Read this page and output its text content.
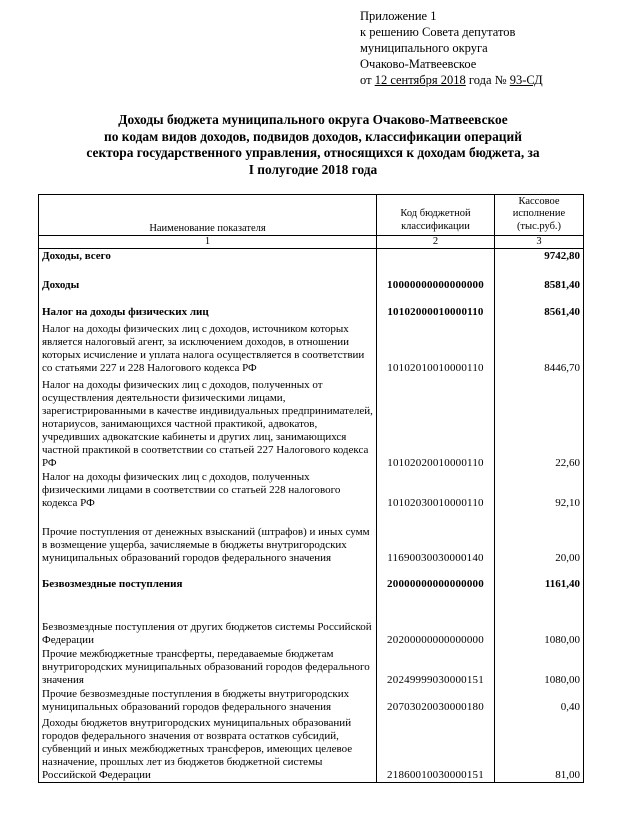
Приложение 1
к решению Совета депутатов
муниципального округа
Очаково-Матвеевское
от 12 сентября 2018 года № 93-СД
Доходы бюджета муниципального округа Очаково-Матвеевское
по кодам видов доходов, подвидов доходов, классификации операций
сектора государственного управления, относящихся к доходам бюджета, за
I полугодие 2018 года
Наименование показателя	Код бюджетной классификации	Кассовое исполнение (тыс.руб.)
1	2	3
Доходы, всего		9742,80
Доходы	10000000000000000	8581,40
Налог на доходы физических лиц	10102000010000110	8561,40
Налог на доходы физических лиц с доходов, источником которых является налоговый агент, за исключением доходов, в отношении которых исчисление и уплата налога осуществляется в соответствии со статьями 227 и 228 Налогового кодекса РФ	10102010010000110	8446,70
Налог на доходы физических лиц с доходов, полученных от осуществления деятельности физическими лицами, зарегистрированными в качестве индивидуальных предпринимателей, нотариусов, занимающихся частной практикой, адвокатов, учредивших адвокатские кабинеты и других лиц, занимающихся частной практикой в соответствии со статьей 227 Налогового кодекса РФ	10102020010000110	22,60
Налог на доходы физических лиц с доходов, полученных физическими лицами в соответствии со статьей 228 налогового кодекса РФ	10102030010000110	92,10
Прочие поступления от денежных взысканий (штрафов) и иных сумм в возмещение ущерба, зачисляемые в бюджеты внутригородских муниципальных образований городов федерального значения	11690030030000140	20,00
Безвозмездные поступления	20000000000000000	1161,40
Безвозмездные поступления от других бюджетов системы Российской Федерации	20200000000000000	1080,00
Прочие межбюджетные трансферты, передаваемые бюджетам внутригородских муниципальных образований городов федерального значения	20249999030000151	1080,00
Прочие безвозмездные поступления в бюджеты внутригородских муниципальных образований городов федерального значения	20703020030000180	0,40
Доходы бюджетов внутригородских муниципальных образований городов федерального значения от возврата остатков субсидий, субвенций и иных межбюджетных трансферов, имеющих целевое назначение, прошлых лет из бюджетов бюджетной системы Российской Федерации	21860010030000151	81,00
